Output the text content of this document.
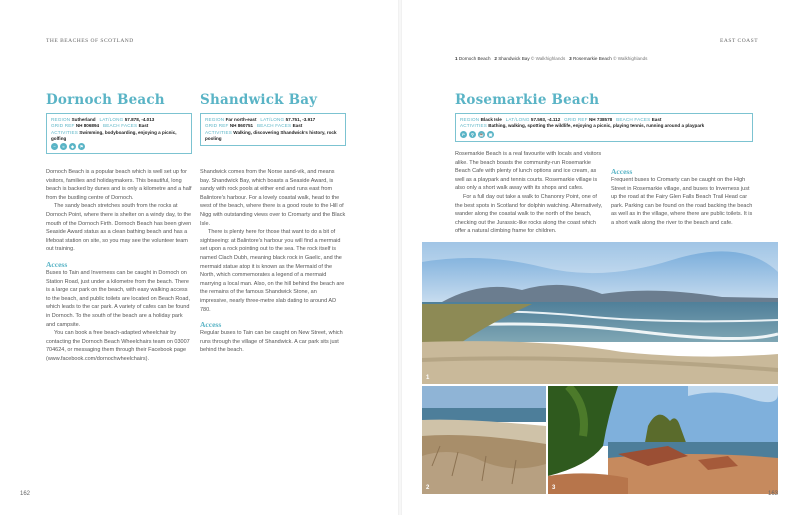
THE BEACHES OF SCOTLAND	EAST COAST
1 Dornoch Beach 2 Shandwick Bay © Walkhighlands 3 Rosemarkie Beach © Walkhighlands
Dornoch Beach
REGION Sutherland LAT/LONG 57.878, -4.013
GRID REF NH 806894 BEACH FACES East
ACTIVITIES Swimming, bodyboarding, enjoying a picnic, golfing
~	≈	◆	⚑

Dornoch Beach is a popular beach which is well set up for visitors, families and holidaymakers. This beautiful, long beach is backed by dunes and is only a kilometre and a half from the bustling centre of Dornoch.

The sandy beach stretches south from the rocks at Dornoch Point, where there is shelter on a windy day, to the mouth of the Dornoch Firth. Dornoch Beach has been given Seaside Award status as a clean bathing beach and has a lifeboat station on site, so you may see the volunteer team out training.

Access

Buses to Tain and Inverness can be caught in Dornoch on Station Road, just under a kilometre from the beach. There is a large car park on the beach, with easy walking access to the beach, and public toilets are located on Beach Road, which leads to the car park. A variety of cafes can be found in Dornoch. To the south of the beach are a holiday park and campsite.

You can book a free beach-adapted wheelchair by contacting the Dornoch Beach Wheelchairs team on 03007 704624, or messaging them through their Facebook page (www.facebook.com/dornochwheelchairs).

Shandwick Bay
REGION Far north-east LAT/LONG 57.751, -3.917
GRID REF NH 860751 BEACH FACES East
ACTIVITIES Walking, discovering Shandwick's history, rock pooling

Shandwick comes from the Norse sand-vik, and means bay. Shandwick Bay, which boasts a Seaside Award, is sandy with rock pools at either end and runs east from Balintore's harbour. For a lovely coastal walk, head to the west of the beach, where there is a good route to the Hill of Nigg with outstanding views over to Cromarty and the Black Isle.

There is plenty here for those that want to do a bit of sightseeing: at Balintore's harbour you will find a mermaid set upon a rock pointing out to the sea. The rock itself is named Clach Dubh, meaning black rock in Gaelic, and the mermaid statue atop it is known as the Mermaid of the North, which commemorates a legend of a mermaid marrying a local man. Also, on the hill behind the beach are the remains of the famous Shandwick Stone, an impressive, nearly three-metre slab dating to around AD 780.

Access

Regular buses to Tain can be caught on New Street, which runs through the village of Shandwick. A car park sits just behind the beach.

Rosemarkie Beach
REGION Black Isle LAT/LONG 57.593, -4.112 GRID REF NH 738578 BEACH FACES East
ACTIVITIES Bathing, walking, spotting the wildlife, enjoying a picnic, playing tennis, running around a playpark
P	⚲	☕	▣

Rosemarkie Beach is a real favourite with locals and visitors alike. The beach boasts the community-run Rosemarkie Beach Cafe with plenty of lunch options and ice cream, as well as a playpark and tennis courts. Rosemarkie village is also only a short walk away with its shops and cafes.

For a full day out take a walk to Chanonry Point, one of the best spots in Scotland for dolphin watching. Alternatively, wander along the coastal walk to the north of the beach, checking out the Jurassic-like rocks along the coast which offer a natural climbing frame for children.

Access

Frequent buses to Cromarty can be caught on the High Street in Rosemarkie village, and buses to Inverness just up the road at the Fairy Glen Falls Beach Trail Head car park. Parking can be found on the road backing the beach as well as in the village, where there are public toilets. It is a short walk along the river to the beach and cafe.

1
2	3
162	163
